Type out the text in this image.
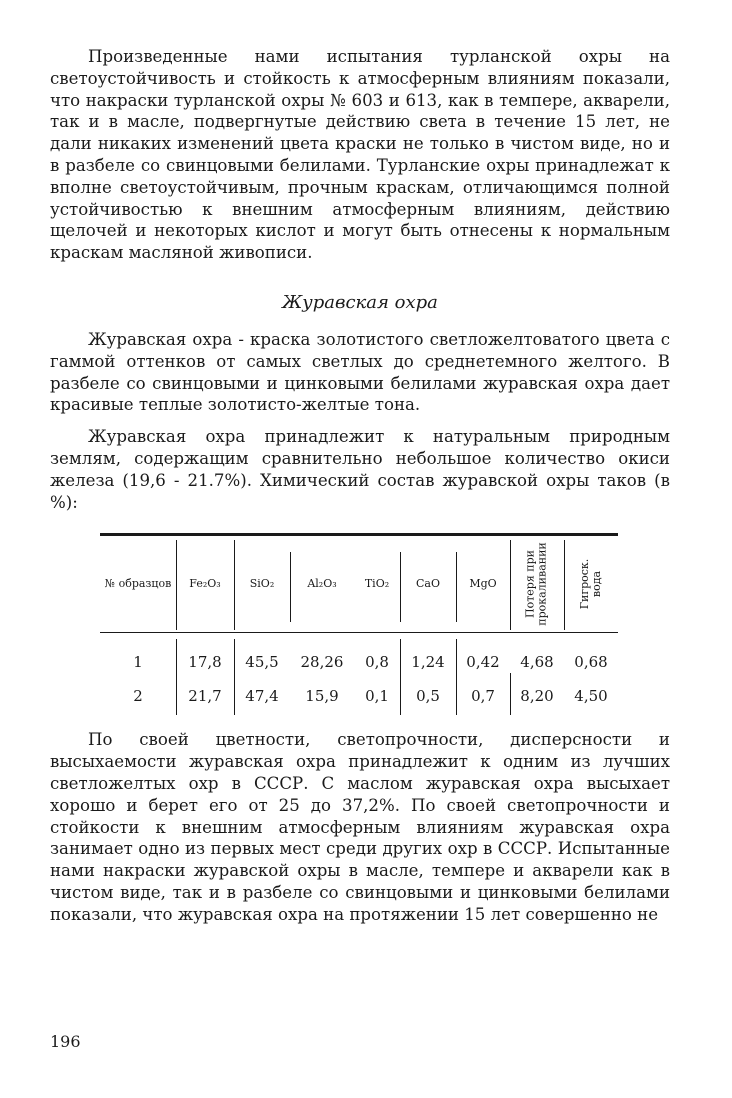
Произведенные нами испытания турланской охры на светоустойчивость и стойкость к атмосферным влияниям показали, что накраски турланской охры № 603 и 613, как в темпере, акварели, так и в масле, подвергнутые действию света в течение 15 лет, не дали никаких изменений цвета краски не только в чистом виде, но и в разбеле со свинцовыми белилами. Турланские охры принадлежат к вполне светоустойчивым, прочным краскам, отличающимся полной устойчивостью к внешним атмосферным влияниям, действию щелочей и некоторых кислот и могут быть отнесены к нормальным краскам масляной живописи.

Журавская охра

Журавская охра - краска золотистого светложелтоватого цвета с гаммой оттенков от самых светлых до среднетемного желтого. В разбеле со свинцовыми и цинковыми белилами журавская охра дает красивые теплые золотисто-желтые тона.

Журавская охра принадлежит к натуральным природным землям, содержащим сравнительно небольшое количество окиси железа (19,6 - 21.7%). Химический состав журавской охры таков (в %):

№ образцов	Fe₂O₃	SiO₂	Al₂O₃	TiO₂	CaO	MgO	Потеря при прокаливании	Гигроск. вода
1	17,8	45,5	28,26	0,8	1,24	0,42	4,68	0,68
2	21,7	47,4	15,9	0,1	0,5	0,7	8,20	4,50

По своей цветности, светопрочности, дисперсности и высыхаемости журавская охра принадлежит к одним из лучших светложелтых охр в СССР. С маслом журавская охра высыхает хорошо и берет его от 25 до 37,2%. По своей светопрочности и стойкости к внешним атмосферным влияниям журавская охра занимает одно из первых мест среди других охр в СССР. Испытанные нами накраски журавской охры в масле, темпере и акварели как в чистом виде, так и в разбеле со свинцовыми и цинковыми белилами показали, что журавская охра на протяжении 15 лет совершенно не

196
